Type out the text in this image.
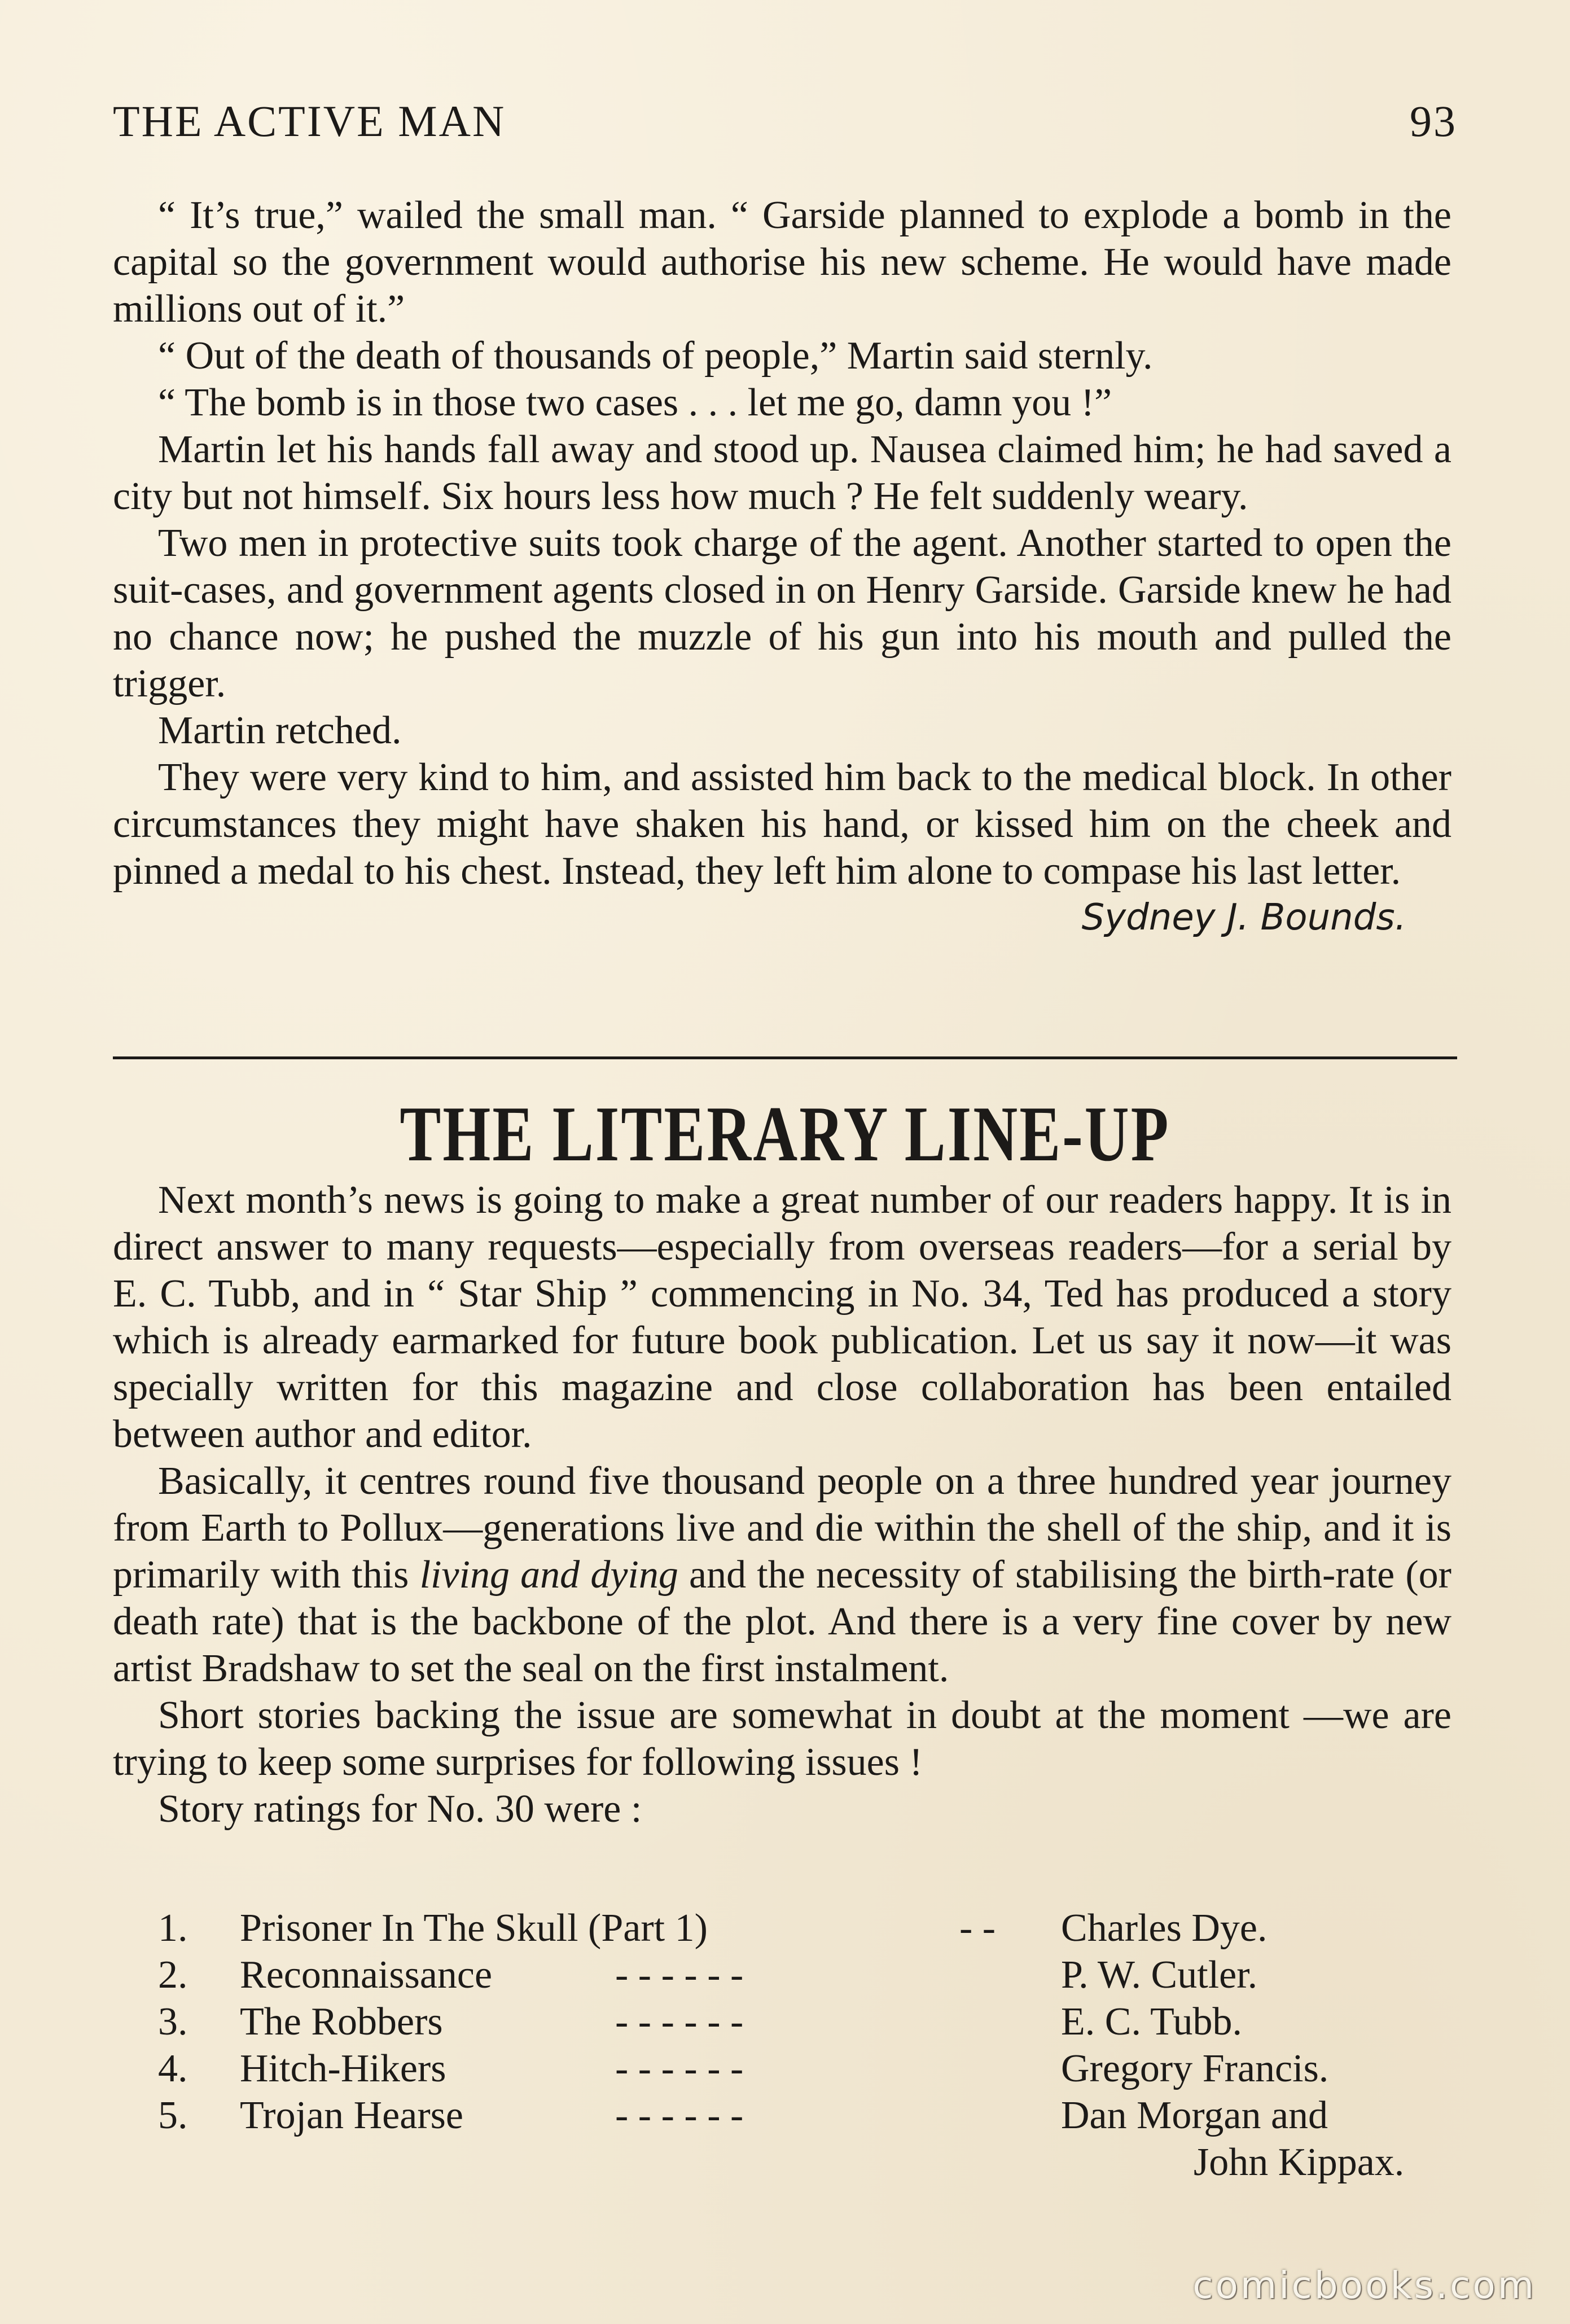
THE ACTIVE MAN	93

“ It’s true,” wailed the small man. “ Garside planned to explode a bomb in the capital so the government would authorise his new scheme. He would have made millions out of it.”

“ Out of the death of thousands of people,” Martin said sternly.

“ The bomb is in those two cases . . . let me go, damn you !”

Martin let his hands fall away and stood up. Nausea claimed him; he had saved a city but not himself. Six hours less how much ? He felt suddenly weary.

Two men in protective suits took charge of the agent. Another started to open the suit-cases, and government agents closed in on Henry Garside. Garside knew he had no chance now; he pushed the muzzle of his gun into his mouth and pulled the trigger.

Martin retched.

They were very kind to him, and assisted him back to the medical block. In other circumstances they might have shaken his hand, or kissed him on the cheek and pinned a medal to his chest. Instead, they left him alone to compase his last letter.

Sydney J. Bounds.

THE LITERARY LINE-UP

Next month’s news is going to make a great number of our readers happy. It is in direct answer to many requests—especially from overseas readers—for a serial by E. C. Tubb, and in “ Star Ship ” commencing in No. 34, Ted has produced a story which is already earmarked for future book publication. Let us say it now—it was specially written for this magazine and close collaboration has been entailed between author and editor.

Basically, it centres round five thousand people on a three hundred year journey from Earth to Pollux—generations live and die within the shell of the ship, and it is primarily with this living and dying and the necessity of stabilising the birth-rate (or death rate) that is the backbone of the plot. And there is a very fine cover by new artist Bradshaw to set the seal on the first instalment.

Short stories backing the issue are somewhat in doubt at the moment —we are trying to keep some surprises for following issues !

Story ratings for No. 30 were :

1. Prisoner In The Skull (Part 1)	- - Charles Dye.
2. Reconnaissance	- - - - - -	P. W. Cutler.
3. The Robbers	- - - - - -	E. C. Tubb.
4. Hitch-Hikers	- - - - - -	Gregory Francis.
5. Trojan Hearse	- - - - - -	Dan Morgan and
John Kippax.
comicbooks.com
